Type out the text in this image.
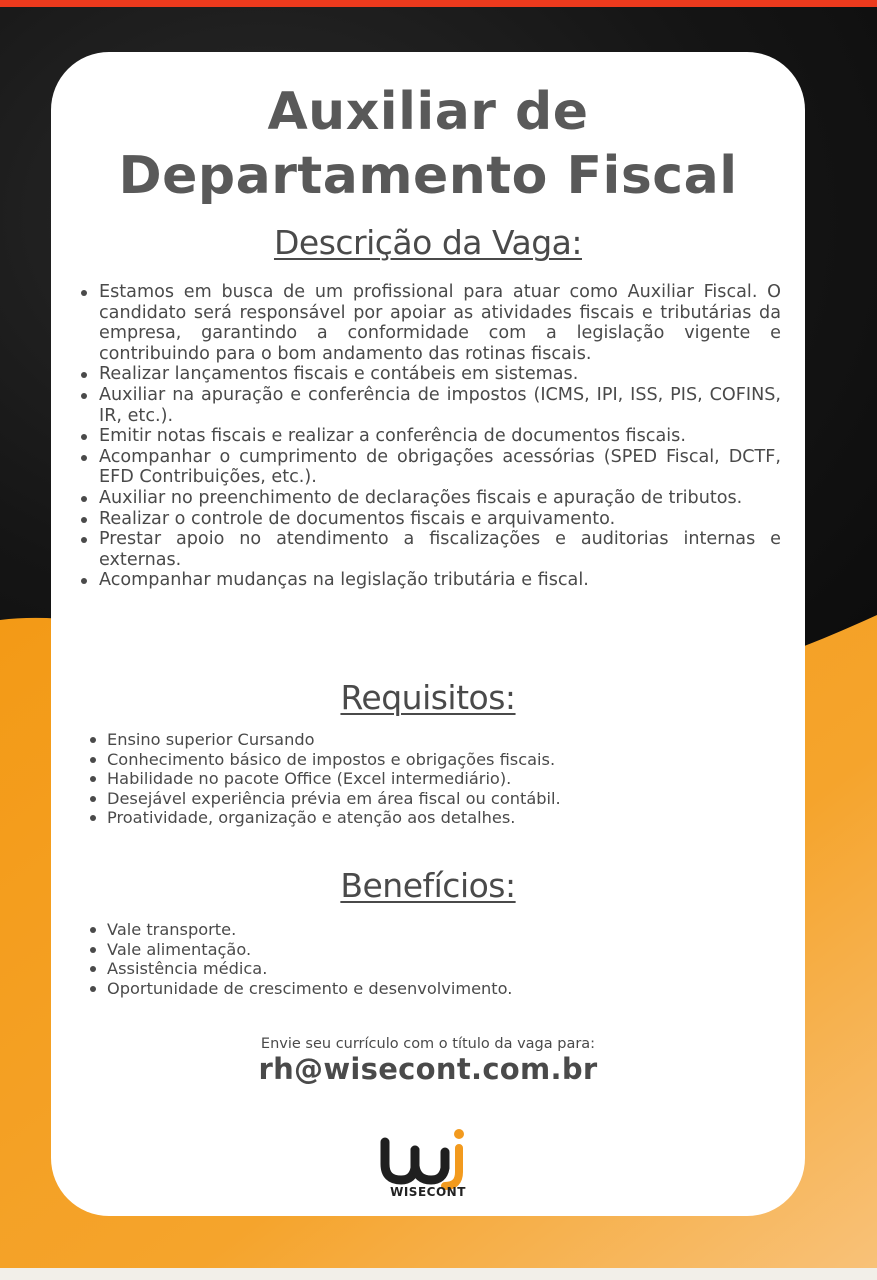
Auxiliar de
Departamento Fiscal
Descrição da Vaga:
Estamos em busca de um profissional para atuar como Auxiliar Fiscal. O candidato será responsável por apoiar as atividades fiscais e tributárias da empresa, garantindo a conformidade com a legislação vigente e contribuindo para o bom andamento das rotinas fiscais.
Realizar lançamentos fiscais e contábeis em sistemas.
Auxiliar na apuração e conferência de impostos (ICMS, IPI, ISS, PIS, COFINS, IR, etc.).
Emitir notas fiscais e realizar a conferência de documentos fiscais.
Acompanhar o cumprimento de obrigações acessórias (SPED Fiscal, DCTF, EFD Contribuições, etc.).
Auxiliar no preenchimento de declarações fiscais e apuração de tributos.
Realizar o controle de documentos fiscais e arquivamento.
Prestar apoio no atendimento a fiscalizações e auditorias internas e externas.
Acompanhar mudanças na legislação tributária e fiscal.
Requisitos:
Ensino superior Cursando
Conhecimento básico de impostos e obrigações fiscais.
Habilidade no pacote Office (Excel intermediário).
Desejável experiência prévia em área fiscal ou contábil.
Proatividade, organização e atenção aos detalhes.
Benefícios:
Vale transporte.
Vale alimentação.
Assistência médica.
Oportunidade de crescimento e desenvolvimento.
Envie seu currículo com o título da vaga para:
rh@wisecont.com.br
WISECONT
